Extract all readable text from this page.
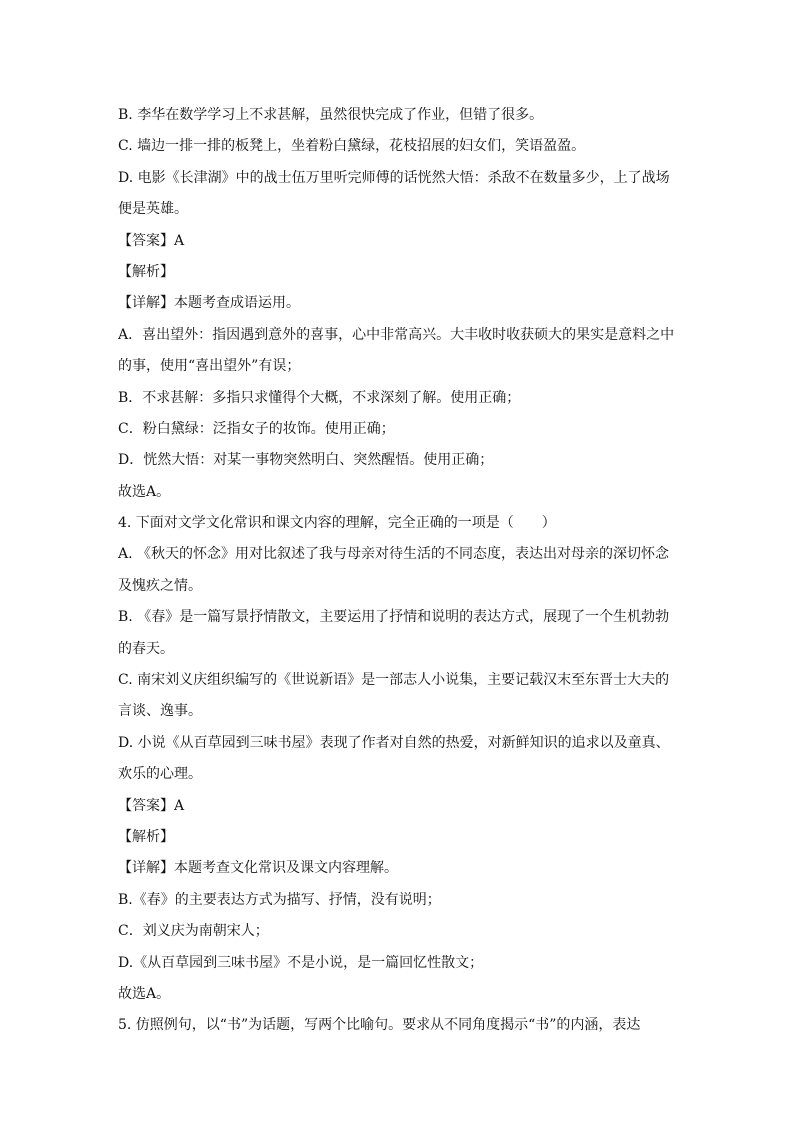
B. 李华在数学学习上不求甚解，虽然很快完成了作业，但错了很多。
C. 墙边一排一排的板凳上，坐着粉白黛绿，花枝招展的妇女们，笑语盈盈。
D. 电影《长津湖》中的战士伍万里听完师傅的话恍然大悟：杀敌不在数量多少，上了战场
便是英雄。
【答案】A
【解析】
【详解】本题考查成语运用。
A．喜出望外：指因遇到意外的喜事，心中非常高兴。大丰收时收获硕大的果实是意料之中
的事，使用“喜出望外”有误；
B．不求甚解：多指只求懂得个大概，不求深刻了解。使用正确；
C．粉白黛绿：泛指女子的妆饰。使用正确；
D．恍然大悟：对某一事物突然明白、突然醒悟。使用正确；
故选A。
4. 下面对文学文化常识和课文内容的理解，完全正确的一项是（　　）
A. 《秋天的怀念》用对比叙述了我与母亲对待生活的不同态度，表达出对母亲的深切怀念
及愧疚之情。
B. 《春》是一篇写景抒情散文，主要运用了抒情和说明的表达方式，展现了一个生机勃勃
的春天。
C. 南宋刘义庆组织编写的《世说新语》是一部志人小说集，主要记载汉末至东晋士大夫的
言谈、逸事。
D. 小说《从百草园到三味书屋》表现了作者对自然的热爱，对新鲜知识的追求以及童真、
欢乐的心理。
【答案】A
【解析】
【详解】本题考查文化常识及课文内容理解。
B.《春》的主要表达方式为描写、抒情，没有说明；
C．刘义庆为南朝宋人；
D.《从百草园到三味书屋》不是小说，是一篇回忆性散文；
故选A。
5. 仿照例句，以“书”为话题，写两个比喻句。要求从不同角度揭示“书”的内涵，表达
